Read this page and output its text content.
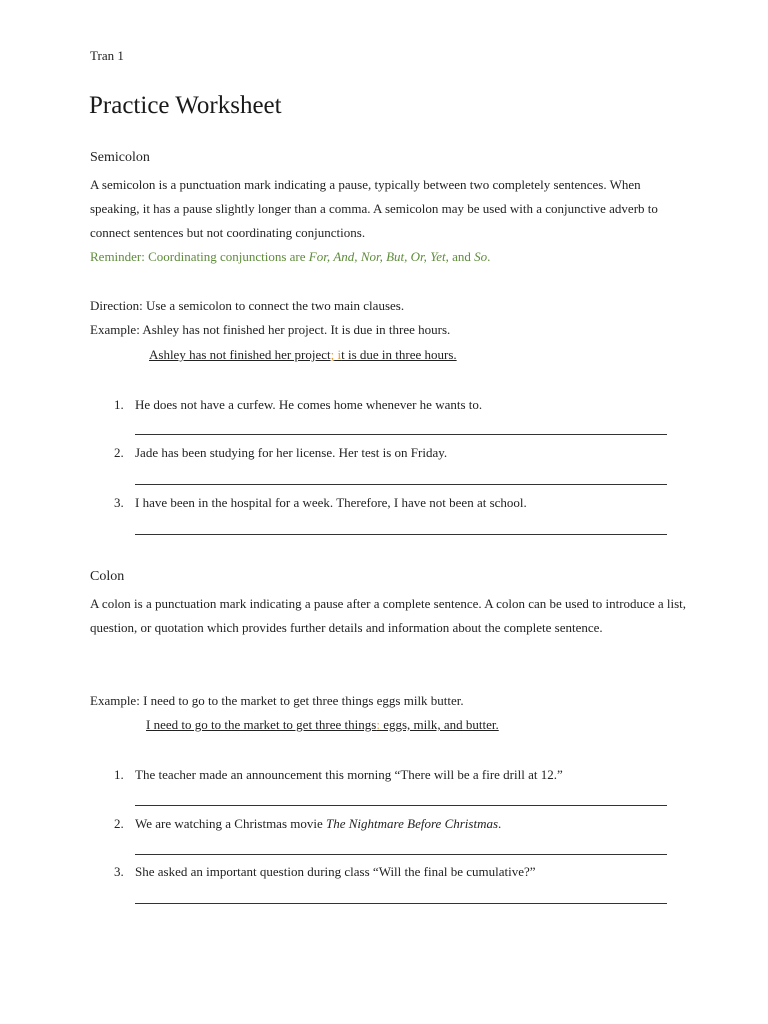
Tran 1
Practice Worksheet
Semicolon
A semicolon is a punctuation mark indicating a pause, typically between two completely sentences. When speaking, it has a pause slightly longer than a comma. A semicolon may be used with a conjunctive adverb to connect sentences but not coordinating conjunctions.
Reminder: Coordinating conjunctions are For, And, Nor, But, Or, Yet, and So.
Direction: Use a semicolon to connect the two main clauses.
Example: Ashley has not finished her project. It is due in three hours.
Ashley has not finished her project; it is due in three hours.
1. He does not have a curfew. He comes home whenever he wants to.
2. Jade has been studying for her license. Her test is on Friday.
3. I have been in the hospital for a week. Therefore, I have not been at school.
Colon
A colon is a punctuation mark indicating a pause after a complete sentence. A colon can be used to introduce a list, question, or quotation which provides further details and information about the complete sentence.
Example: I need to go to the market to get three things eggs milk butter.
I need to go to the market to get three things: eggs, milk, and butter.
1. The teacher made an announcement this morning “There will be a fire drill at 12.”
2. We are watching a Christmas movie The Nightmare Before Christmas.
3. She asked an important question during class “Will the final be cumulative?”
